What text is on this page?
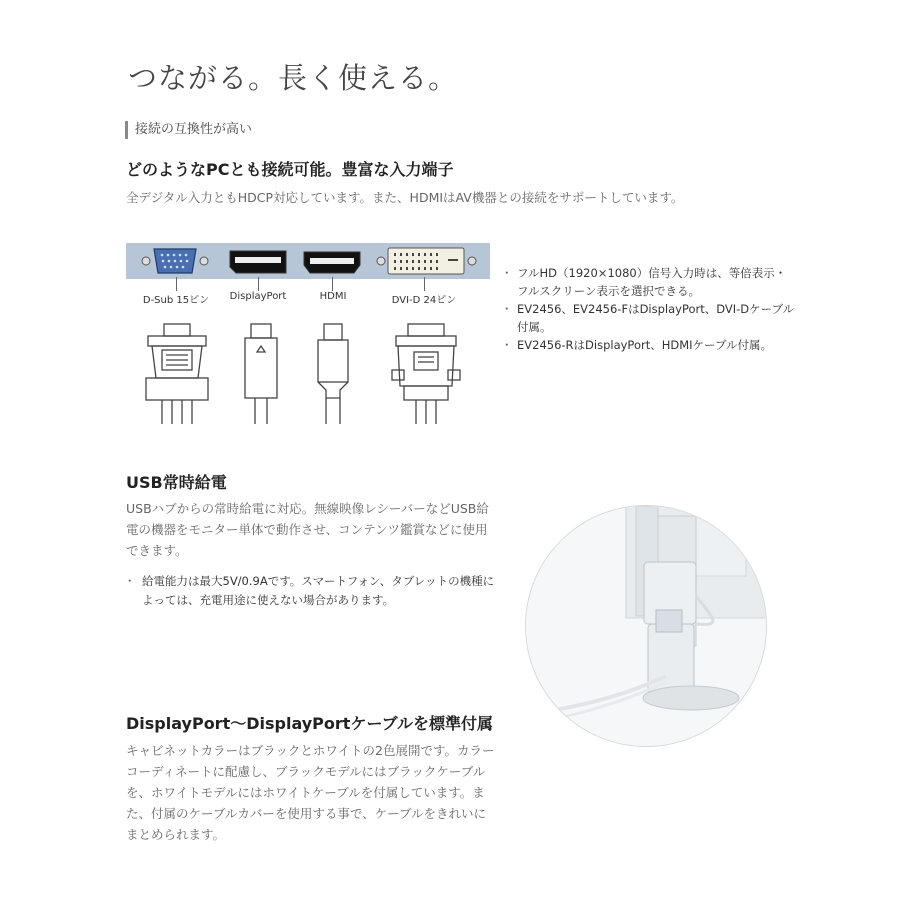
つながる。長く使える。
接続の互換性が高い
どのようなPCとも接続可能。豊富な入力端子

全デジタル入力ともHDCP対応しています。また、HDMIはAV機器との接続をサポートしています。

D-Sub 15ピン	DisplayPort	HDMI	DVI-D 24ピン
・ フルHD（1920×1080）信号入力時は、等倍表示・フルスクリーン表示を選択できる。
・ EV2456、EV2456-FはDisplayPort、DVI-Dケーブル付属。
・ EV2456-RはDisplayPort、HDMIケーブル付属。
USB常時給電

USBハブからの常時給電に対応。無線映像レシーバーなどUSB給電の機器をモニター単体で動作させ、コンテンツ鑑賞などに使用できます。

・ 給電能力は最大5V/0.9Aです。スマートフォン、タブレットの機種によっては、充電用途に使えない場合があります。

DisplayPort〜DisplayPortケーブルを標準付属

キャビネットカラーはブラックとホワイトの2色展開です。カラーコーディネートに配慮し、ブラックモデルにはブラックケーブルを、ホワイトモデルにはホワイトケーブルを付属しています。また、付属のケーブルカバーを使用する事で、ケーブルをきれいにまとめられます。
